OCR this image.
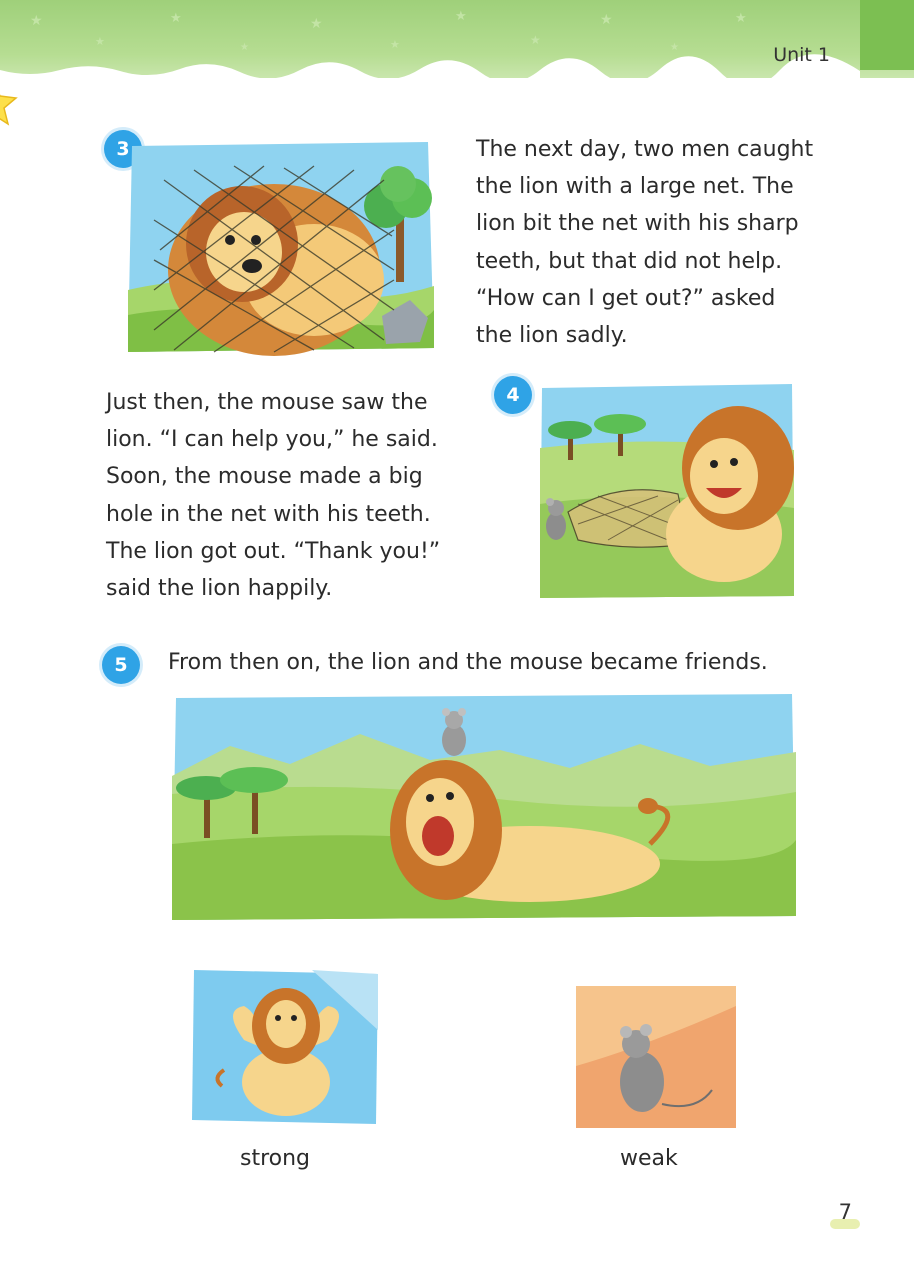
★
★
★
★
★
★
★
★
★
★
★
Unit 1
3	The next day, two men caught
the lion with a large net. The
lion bit the net with his sharp
teeth, but that did not help.
“How can I get out?” asked
the lion sadly.
Just then, the mouse saw the
lion. “I can help you,” he said.
Soon, the mouse made a big
hole in the net with his teeth.
The lion got out. “Thank you!”
said the lion happily.
4
5	From then on, the lion and the mouse became friends.
strong	weak
7
